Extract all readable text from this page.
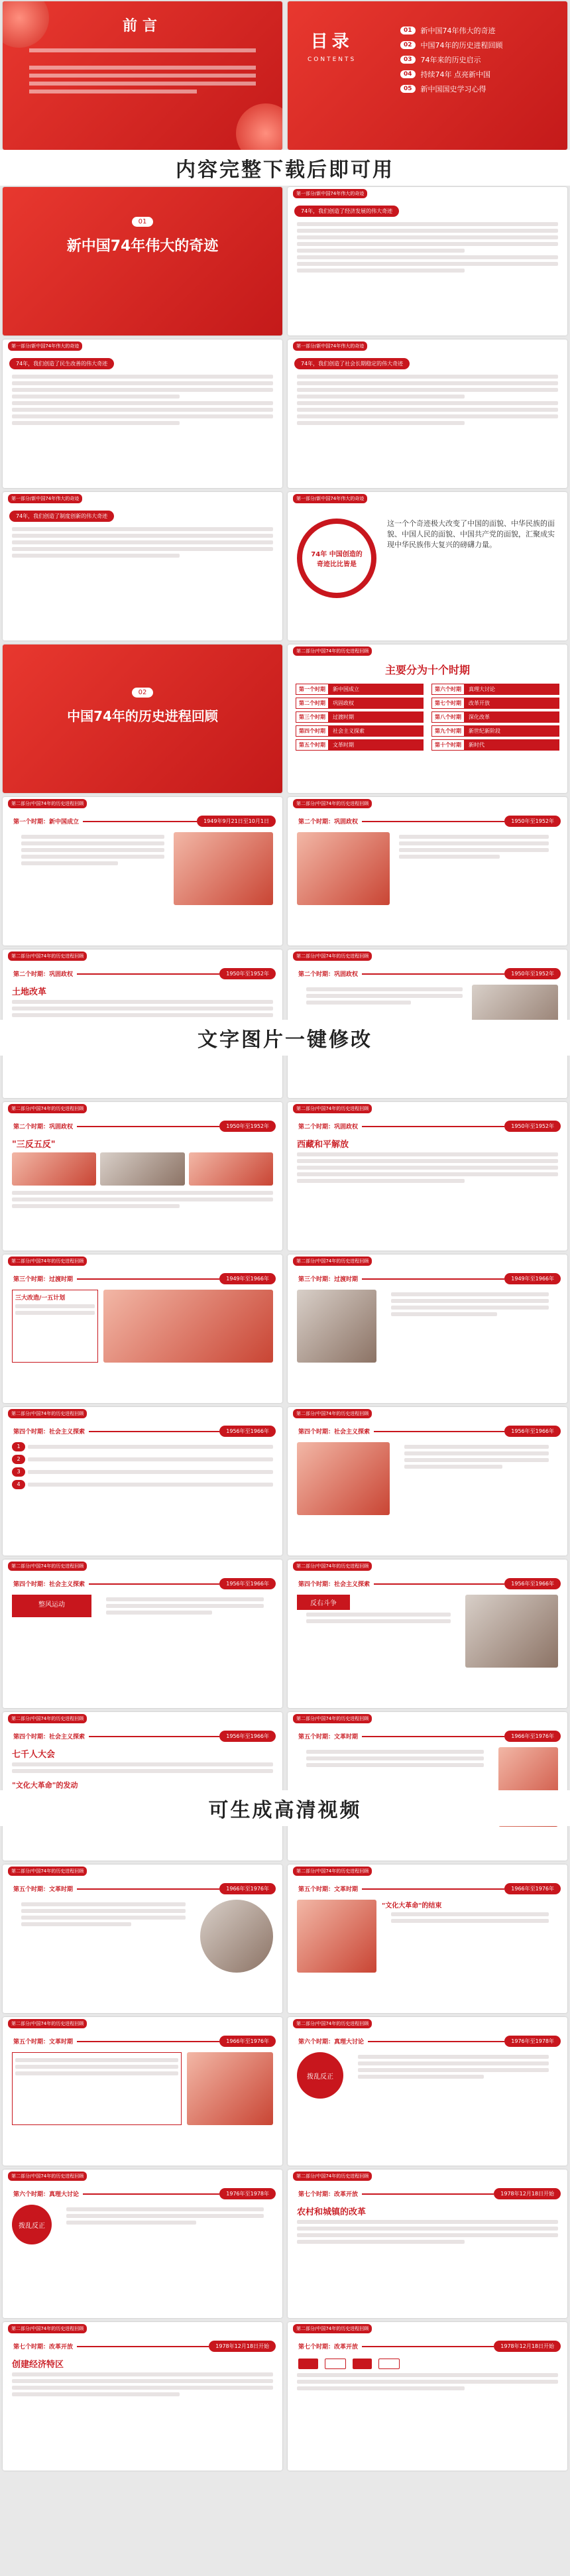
前言
目录
CONTENTS
01	新中国74年伟大的奇迹
02	中国74年的历史进程回顾
03	74年来的历史启示
04	持续74年 点亮新中国
05	新中国国史学习心得
内容完整下载后即可用
01
新中国74年伟大的奇迹
第一部分/新中国74年伟大的奇迹
74年，我们创造了经济发展的伟大奇迹
第一部分/新中国74年伟大的奇迹
74年，我们创造了民生改善的伟大奇迹
第一部分/新中国74年伟大的奇迹
74年，我们创造了社会长期稳定的伟大奇迹
第一部分/新中国74年伟大的奇迹
74年，我们创造了制度创新的伟大奇迹
第一部分/新中国74年伟大的奇迹
74年 中国创造的奇迹比比皆是
这一个个奇迹极大改变了中国的面貌、中华民族的面貌、中国人民的面貌、中国共产党的面貌，汇聚成实现中华民族伟大复兴的磅礴力量。
02
中国74年的历史进程回顾
第二部分/中国74年的历史进程回顾
主要分为十个时期
第一个时期	新中国成立
第二个时期	巩固政权
第三个时期	过渡时期
第四个时期	社会主义探索
第五个时期	文革时期
第六个时期	真理大讨论
第七个时期	改革开放
第八个时期	深化改革
第九个时期	新世纪新阶段
第十个时期	新时代
第二部分/中国74年的历史进程回顾
第一个时期：新中国成立	1949年9月21日至10月1日
第二部分/中国74年的历史进程回顾
第二个时期：巩固政权	1950年至1952年
第二部分/中国74年的历史进程回顾
第二个时期：巩固政权	1950年至1952年
土地改革
第二部分/中国74年的历史进程回顾
第二个时期：巩固政权	1950年至1952年
文字图片一键修改
第二部分/中国74年的历史进程回顾
第二个时期：巩固政权	1950年至1952年
"三反五反"
第二部分/中国74年的历史进程回顾
第二个时期：巩固政权	1950年至1952年
西藏和平解放
第二部分/中国74年的历史进程回顾
第三个时期：过渡时期	1949年至1966年
三大改造/一五计划
第二部分/中国74年的历史进程回顾
第三个时期：过渡时期	1949年至1966年
第二部分/中国74年的历史进程回顾
第四个时期：社会主义探索	1956年至1966年
1
2
3
4
第二部分/中国74年的历史进程回顾
第四个时期：社会主义探索	1956年至1966年
第二部分/中国74年的历史进程回顾
第四个时期：社会主义探索	1956年至1966年
整风运动
第二部分/中国74年的历史进程回顾
第四个时期：社会主义探索	1956年至1966年
反右斗争
第二部分/中国74年的历史进程回顾
第四个时期：社会主义探索	1956年至1966年
七千人大会
"文化大革命"的发动
第二部分/中国74年的历史进程回顾
第五个时期：文革时期	1966年至1976年
可生成高清视频
第二部分/中国74年的历史进程回顾
第五个时期：文革时期	1966年至1976年
第二部分/中国74年的历史进程回顾
第五个时期：文革时期	1966年至1976年
"文化大革命"的结束
第二部分/中国74年的历史进程回顾
第五个时期：文革时期	1966年至1976年
第二部分/中国74年的历史进程回顾
第六个时期：真理大讨论	1976年至1978年
拨乱反正
第二部分/中国74年的历史进程回顾
第六个时期：真理大讨论	1976年至1978年
拨乱反正
第二部分/中国74年的历史进程回顾
第七个时期：改革开放	1978年12月18日开始
农村和城镇的改革
第二部分/中国74年的历史进程回顾
第七个时期：改革开放	1978年12月18日开始
创建经济特区
第二部分/中国74年的历史进程回顾
第七个时期：改革开放	1978年12月18日开始
